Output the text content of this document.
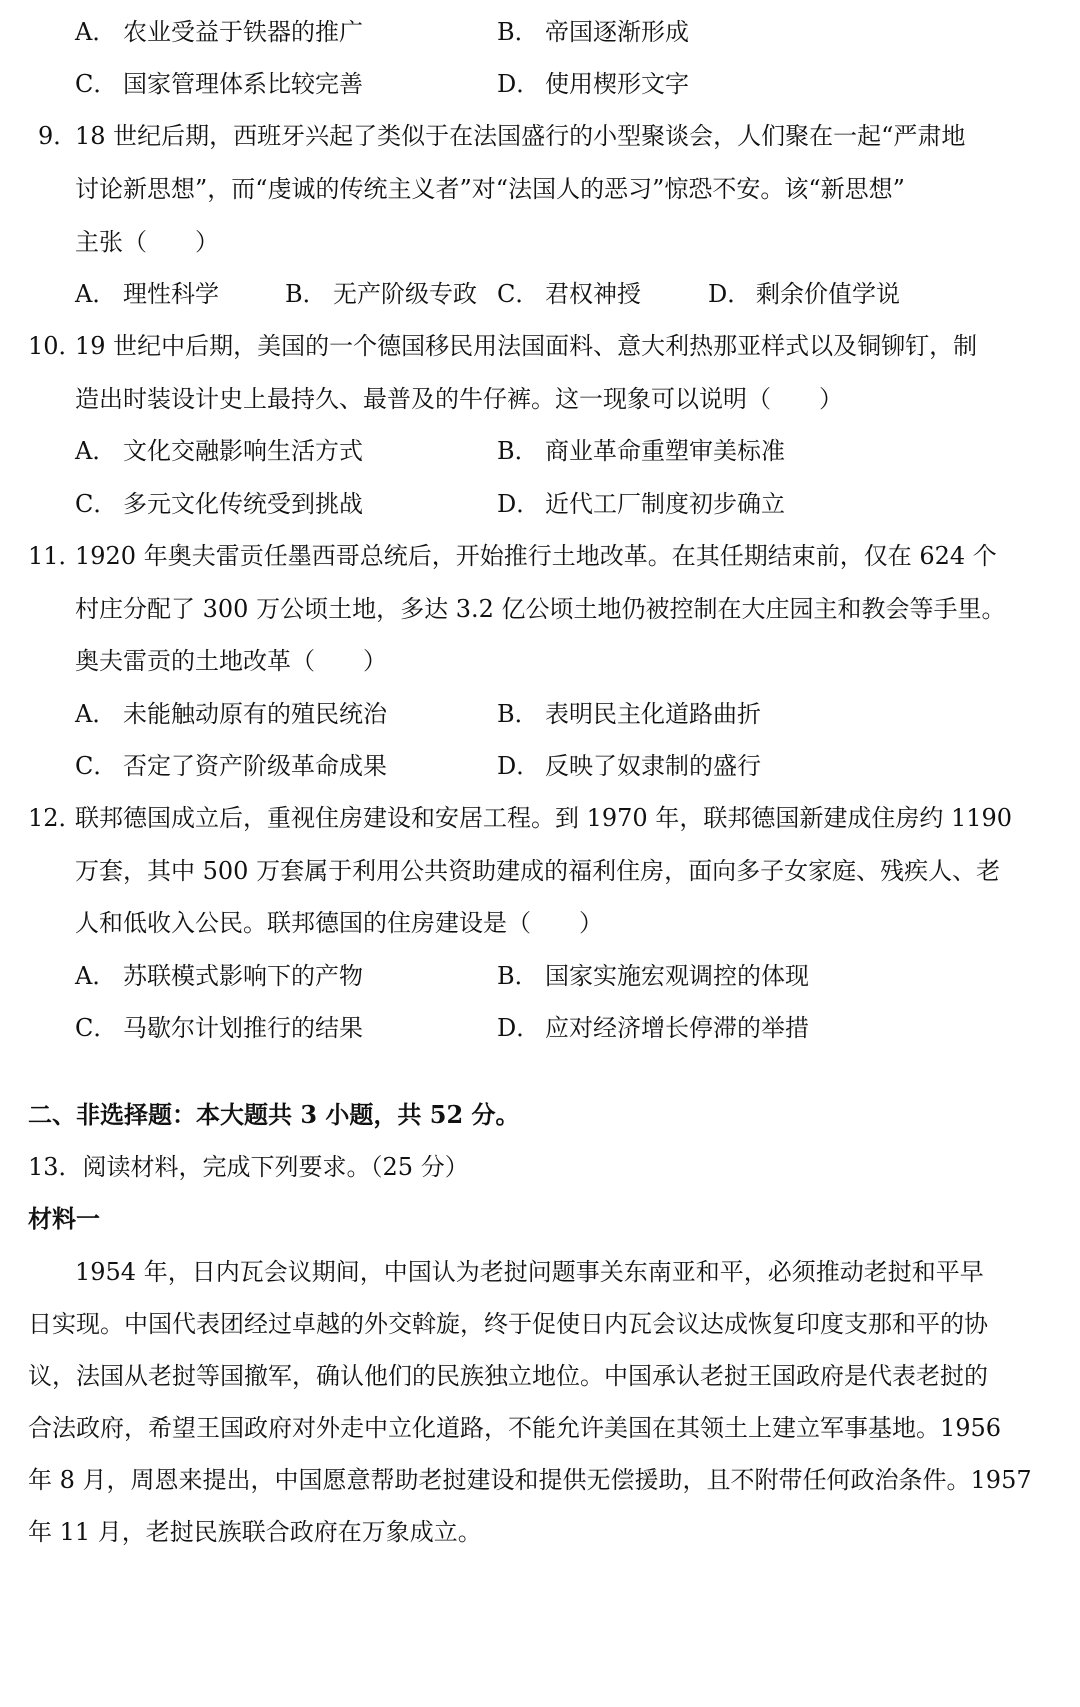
A． 农业受益于铁器的推广	B． 帝国逐渐形成
C． 国家管理体系比较完善	D． 使用楔形文字
9．
18 世纪后期，西班牙兴起了类似于在法国盛行的小型聚谈会，人们聚在一起“严肃地
讨论新思想”，而“虔诚的传统主义者”对“法国人的恶习”惊恐不安。该“新思想”
主张（　　）
A． 理性科学	B． 无产阶级专政 C． 君权神授	D． 剩余价值学说
10．
19 世纪中后期，美国的一个德国移民用法国面料、意大利热那亚样式以及铜铆钉，制
造出时装设计史上最持久、最普及的牛仔裤。这一现象可以说明（　　）
A． 文化交融影响生活方式	B． 商业革命重塑审美标准
C． 多元文化传统受到挑战	D． 近代工厂制度初步确立
11．
1920 年奥夫雷贡任墨西哥总统后，开始推行土地改革。在其任期结束前，仅在 624 个
村庄分配了 300 万公顷土地，多达 3.2 亿公顷土地仍被控制在大庄园主和教会等手里。
奥夫雷贡的土地改革（　　）
A． 未能触动原有的殖民统治	B． 表明民主化道路曲折
C． 否定了资产阶级革命成果	D． 反映了奴隶制的盛行
12．
联邦德国成立后，重视住房建设和安居工程。到 1970 年，联邦德国新建成住房约 1190
万套，其中 500 万套属于利用公共资助建成的福利住房，面向多子女家庭、残疾人、老
人和低收入公民。联邦德国的住房建设是（　　）
A． 苏联模式影响下的产物	B． 国家实施宏观调控的体现
C． 马歇尔计划推行的结果	D． 应对经济增长停滞的举措
二、非选择题：本大题共 3 小题，共 52 分。
13．阅读材料，完成下列要求。（25 分）
材料一
1954 年，日内瓦会议期间，中国认为老挝问题事关东南亚和平，必须推动老挝和平早
日实现。中国代表团经过卓越的外交斡旋，终于促使日内瓦会议达成恢复印度支那和平的协
议，法国从老挝等国撤军，确认他们的民族独立地位。中国承认老挝王国政府是代表老挝的
合法政府，希望王国政府对外走中立化道路，不能允许美国在其领土上建立军事基地。1956
年 8 月，周恩来提出，中国愿意帮助老挝建设和提供无偿援助，且不附带任何政治条件。1957
年 11 月，老挝民族联合政府在万象成立。
